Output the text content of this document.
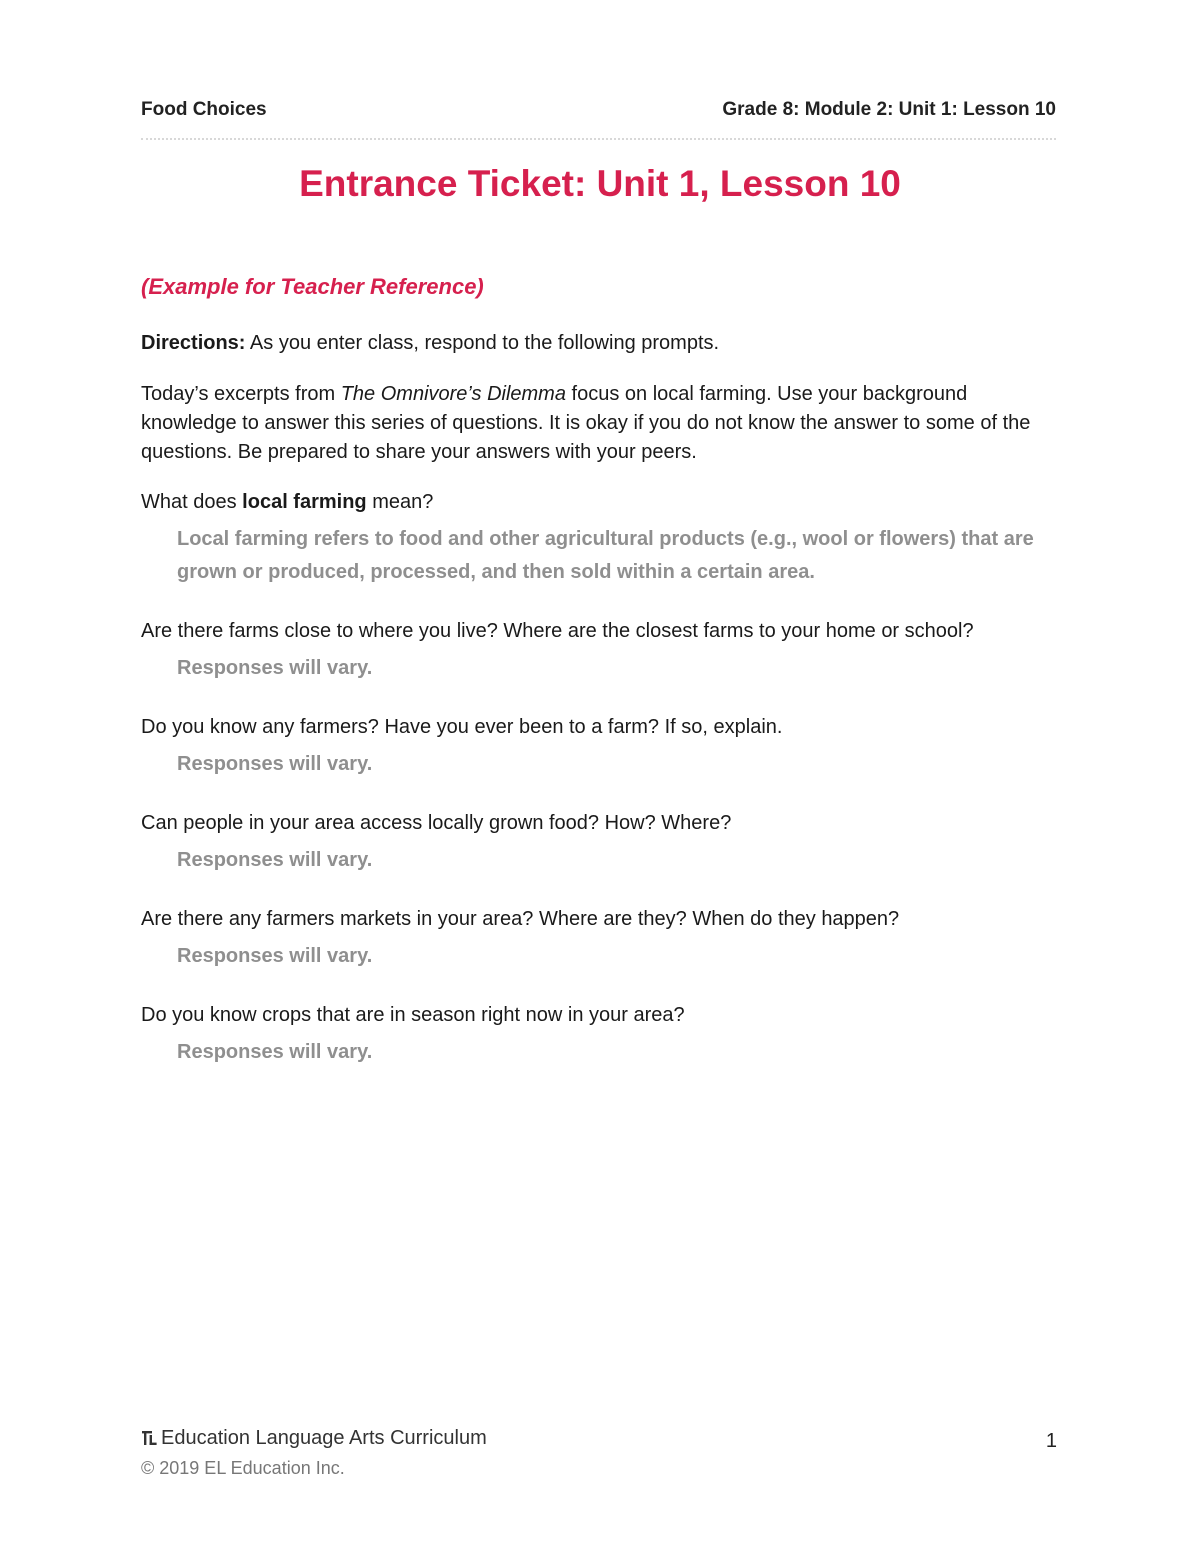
Food Choices	Grade 8: Module 2: Unit 1: Lesson 10
Entrance Ticket: Unit 1, Lesson 10
(Example for Teacher Reference)
Directions: As you enter class, respond to the following prompts.
Today’s excerpts from The Omnivore’s Dilemma focus on local farming. Use your background knowledge to answer this series of questions. It is okay if you do not know the answer to some of the questions. Be prepared to share your answers with your peers.
What does local farming mean?
Local farming refers to food and other agricultural products (e.g., wool or flowers) that are grown or produced, processed, and then sold within a certain area.
Are there farms close to where you live? Where are the closest farms to your home or school?
Responses will vary.
Do you know any farmers? Have you ever been to a farm? If so, explain.
Responses will vary.
Can people in your area access locally grown food? How? Where?
Responses will vary.
Are there any farmers markets in your area? Where are they? When do they happen?
Responses will vary.
Do you know crops that are in season right now in your area?
Responses will vary.
Education Language Arts Curriculum
© 2019 EL Education Inc.
1
